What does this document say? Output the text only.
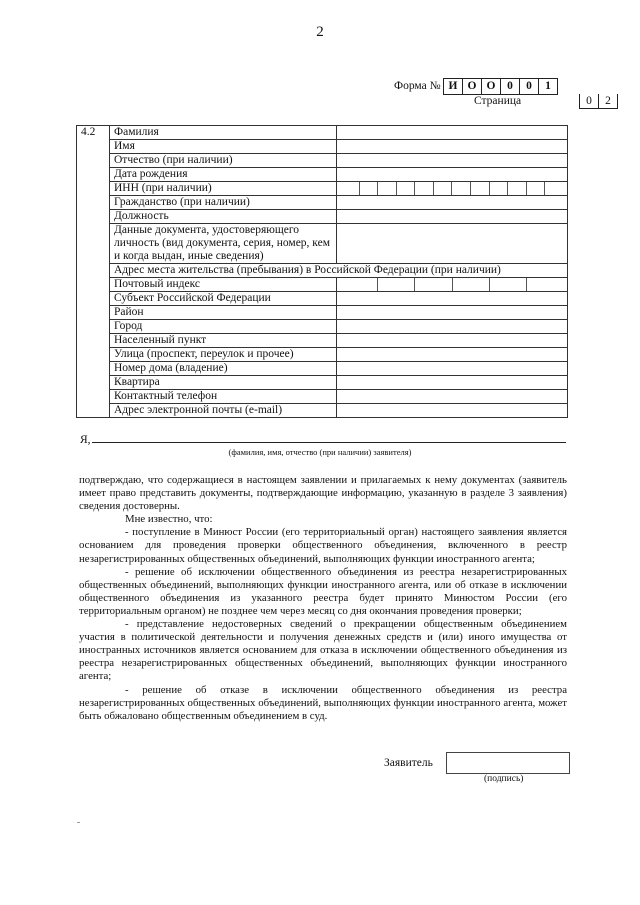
2
Форма № И О О	0	0	1
Страница	0	2
4.2	Фамилия	
	Имя	
	Отчество (при наличии)	
	Дата рождения	
	ИНН (при наличии)	

	Гражданство (при наличии)	
	Должность	
	Данные документа, удостоверяющего личность (вид документа, серия, номер, кем и когда выдан, иные сведения)	
	Адрес места жительства (пребывания) в Российской Федерации (при наличии)	
	Почтовый индекс	

	Субъект Российской Федерации	
	Район	
	Город	
	Населенный пункт	
	Улица (проспект, переулок и прочее)	
	Номер дома (владение)	
	Квартира	
	Контактный телефон	
	Адрес электронной почты (e-mail)	
Я,
(фамилия, имя, отчество (при наличии) заявителя)

подтверждаю, что содержащиеся в настоящем заявлении и прилагаемых к нему документах (заявитель имеет право представить документы, подтверждающие информацию, указанную в разделе 3 заявления) сведения достоверны.

Мне известно, что:

- поступление в Минюст России (его территориальный орган) настоящего заявления является основанием для проведения проверки общественного объединения, включенного в реестр незарегистрированных общественных объединений, выполняющих функции иностранного агента;

- решение об исключении общественного объединения из реестра незарегистрированных общественных объединений, выполняющих функции иностранного агента, или об отказе в исключении общественного объединения из указанного реестра будет принято Минюстом России (его территориальным органом) не позднее чем через месяц со дня окончания проведения проверки;

- представление недостоверных сведений о прекращении общественным объединением участия в политической деятельности и получения денежных средств и (или) иного имущества от иностранных источников является основанием для отказа в исключении общественного объединения из реестра незарегистрированных общественных объединений, выполняющих функции иностранного агента;

- решение об отказе в исключении общественного объединения из реестра незарегистрированных общественных объединений, выполняющих функции иностранного агента, может быть обжаловано общественным объединением в суд.

Заявитель
(подпись)
